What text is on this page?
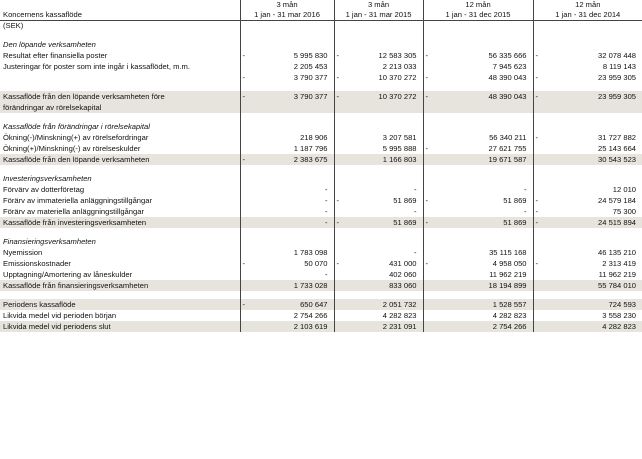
	3 mån		3 mån		12 mån		12 mån	
Koncernens kassaflöde	1 jan - 31 mar 2016		1 jan - 31 mar 2015		1 jan - 31 dec 2015		1 jan - 31 dec 2014	
(SEK)								

Den löpande verksamheten								
Resultat efter finansiella poster	-	5 995 830	-	12 583 305	-	56 335 666	-	32 078 448
Justeringar för poster som inte ingår i kassaflödet, m.m.		2 205 453		2 213 033		7 945 623		8 119 143
	-	3 790 377	-	10 370 272	-	48 390 043	-	23 959 305

Kassaflöde från den löpande verksamheten före	-	3 790 377	-	10 370 272	-	48 390 043	-	23 959 305
förändringar av rörelsekapital								

Kassaflöde från förändringar i rörelsekapital								
Ökning(-)/Minskning(+) av rörelsefordringar		218 906		3 207 581		56 340 211	-	31 727 882
Ökning(+)/Minskning(-) av rörelseskulder		1 187 796		5 995 888	-	27 621 755		25 143 664
Kassaflöde från den löpande verksamheten	-	2 383 675		1 166 803		19 671 587		30 543 523

Investeringsverksamheten								
Förvärv av dotterföretag		-		-		-		12 010
Förärv av immateriella anläggningstillgångar		-	-	51 869	-	51 869	-	24 579 184
Förärv av materiella anläggningstillgångar		-		-		-	-	75 300
Kassaflöde från investeringsverksamheten		-	-	51 869	-	51 869	-	24 515 894

Finansieringsverksamheten								
Nyemission		1 783 098		-		35 115 168		46 135 210
Emissionskostnader	-	50 070	-	431 000	-	4 958 050	-	2 313 419
Upptagning/Amortering av låneskulder		-		402 060		11 962 219		11 962 219
Kassaflöde från finansieringsverksamheten		1 733 028		833 060		18 194 899		55 784 010

Periodens kassaflöde	-	650 647		2 051 732		1 528 557		724 593
Likvida medel vid perioden början		2 754 266		4 282 823		4 282 823		3 558 230
Likvida medel vid periodens slut		2 103 619		2 231 091		2 754 266		4 282 823
